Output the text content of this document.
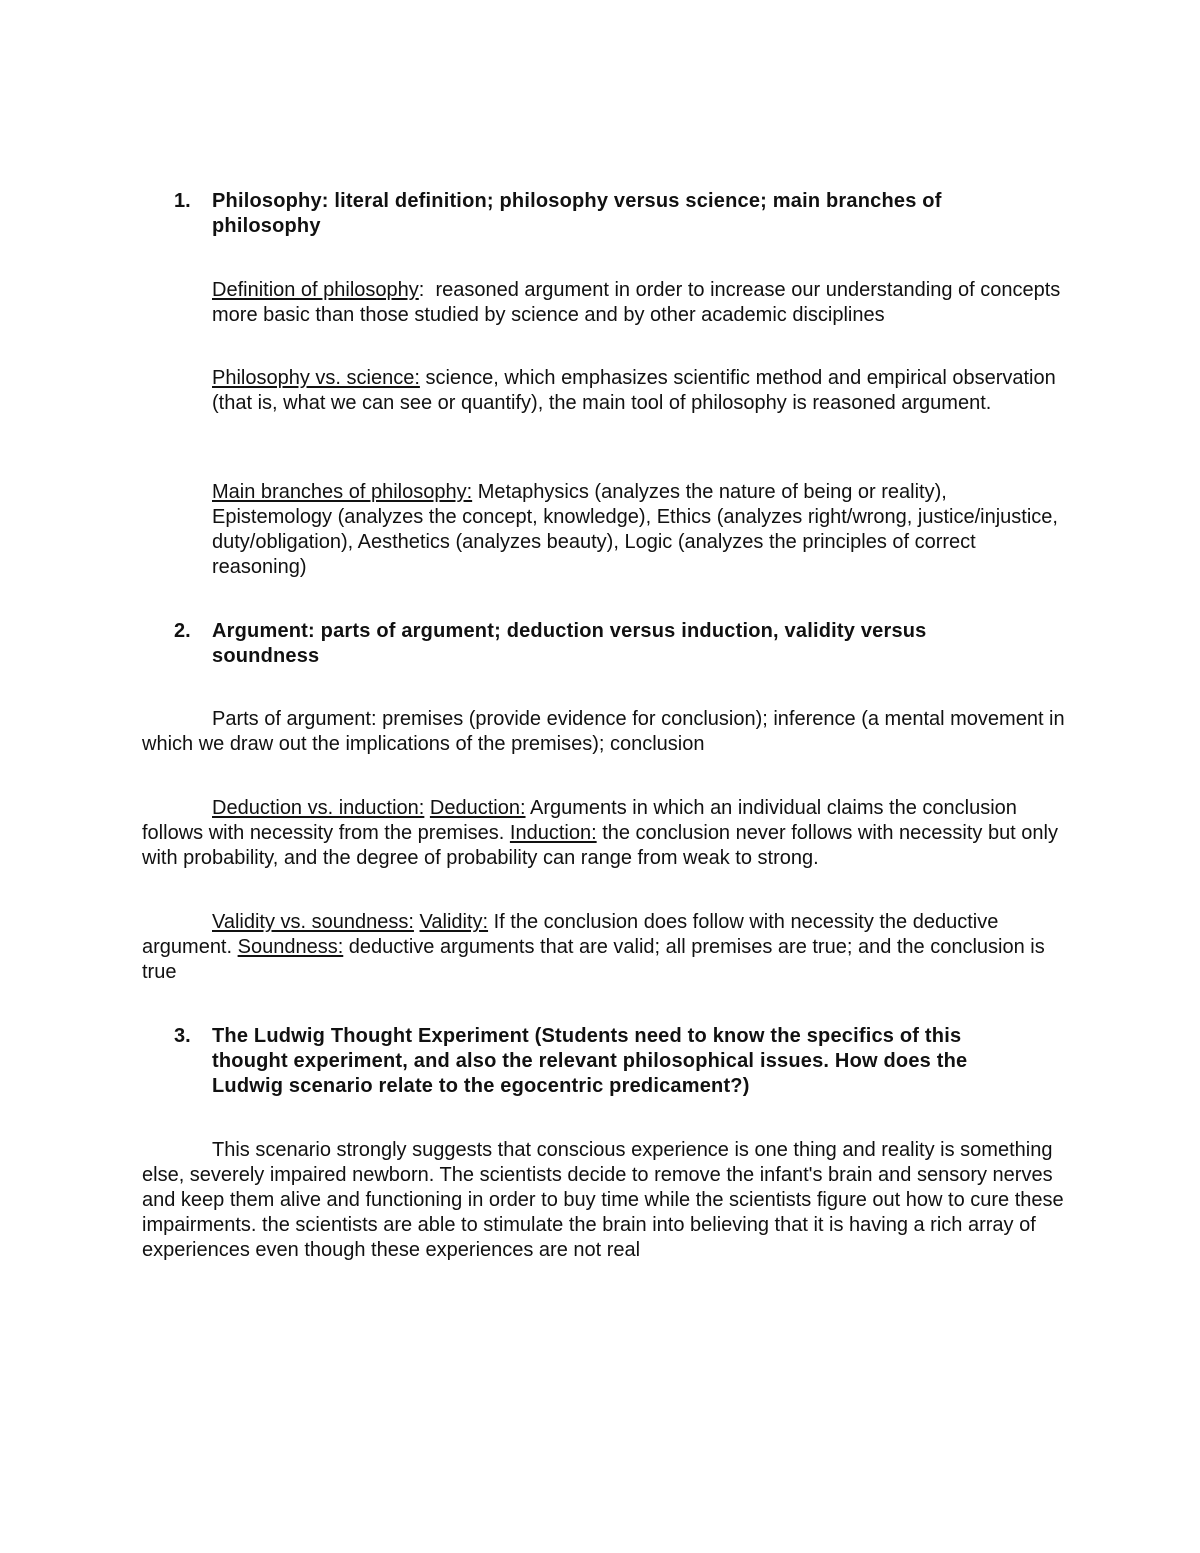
1. Philosophy: literal definition; philosophy versus science; main branches of philosophy
Definition of philosophy:  reasoned argument in order to increase our understanding of concepts more basic than those studied by science and by other academic disciplines
Philosophy vs. science: science, which emphasizes scientific method and empirical observation (that is, what we can see or quantify), the main tool of philosophy is reasoned argument.
Main branches of philosophy: Metaphysics (analyzes the nature of being or reality), Epistemology (analyzes the concept, knowledge), Ethics (analyzes right/wrong, justice/injustice, duty/obligation), Aesthetics (analyzes beauty), Logic (analyzes the principles of correct reasoning)
2. Argument: parts of argument; deduction versus induction, validity versus soundness
Parts of argument: premises (provide evidence for conclusion); inference (a mental movement in which we draw out the implications of the premises); conclusion
Deduction vs. induction: Deduction: Arguments in which an individual claims the conclusion follows with necessity from the premises. Induction: the conclusion never follows with necessity but only with probability, and the degree of probability can range from weak to strong.
Validity vs. soundness: Validity: If the conclusion does follow with necessity the deductive argument. Soundness: deductive arguments that are valid; all premises are true; and the conclusion is true
3. The Ludwig Thought Experiment (Students need to know the specifics of this thought experiment, and also the relevant philosophical issues. How does the Ludwig scenario relate to the egocentric predicament?)
This scenario strongly suggests that conscious experience is one thing and reality is something else, severely impaired newborn. The scientists decide to remove the infant's brain and sensory nerves and keep them alive and functioning in order to buy time while the scientists figure out how to cure these impairments. the scientists are able to stimulate the brain into believing that it is having a rich array of experiences even though these experiences are not real
